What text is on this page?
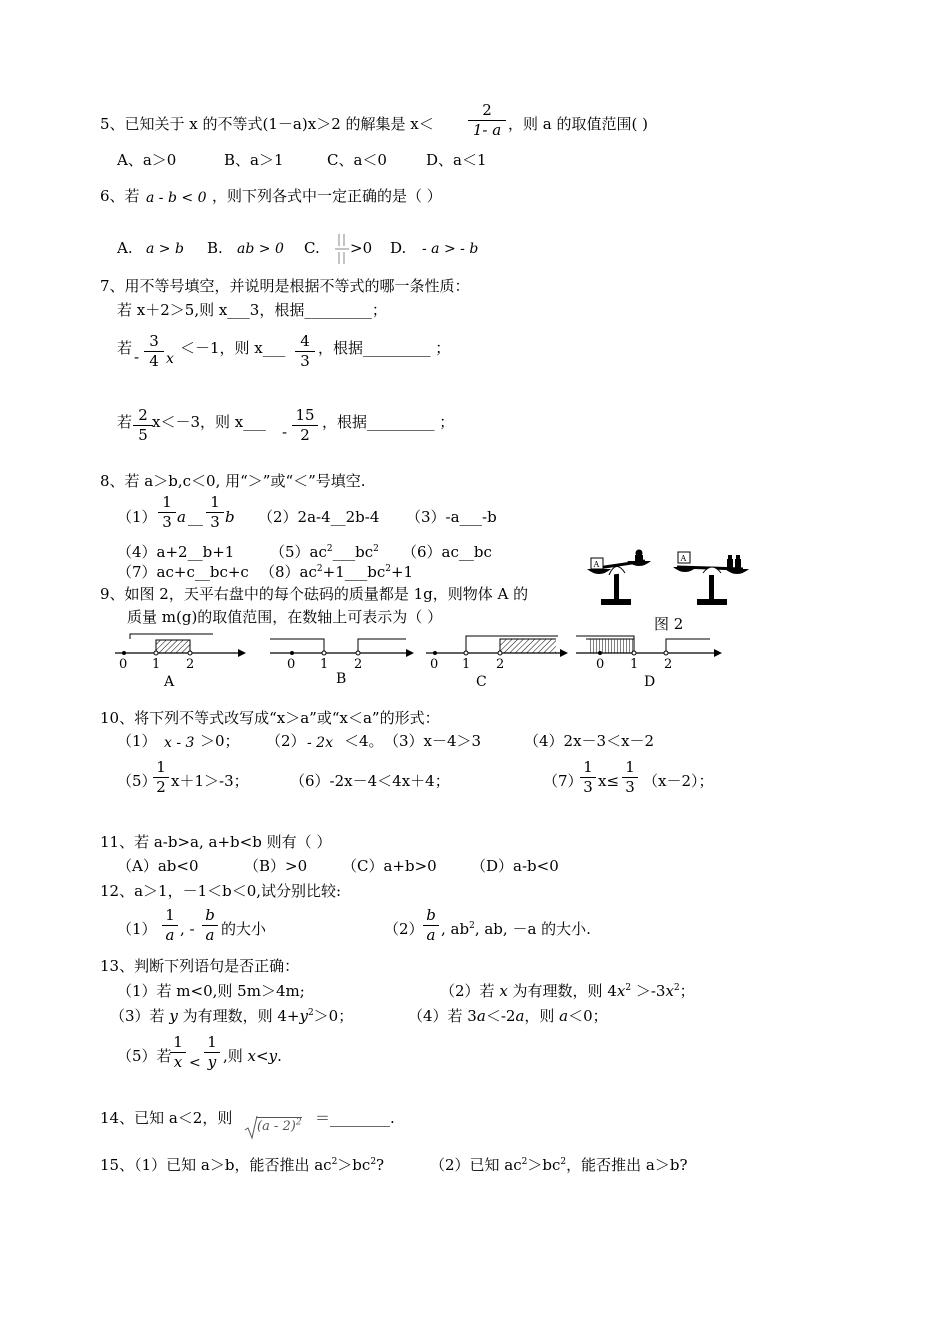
5、已知关于 x 的不等式(1－a)x＞2 的解集是 x＜
2
1- a ，则 a 的取值范围( )
A、a＞0	B、a＞1	C、a＜0	D、a＜1
6、若 a - b < 0 ，则下列各式中一定正确的是（ ）
A. a > b B. ab > 0 C. >0 D. - a > - b
7、用不等号填空，并说明是根据不等式的哪一条性质：
若 x＋2＞5,则 x___3，根据_________；
若 -
3
4 x
＜－1，则 x___ 4
3
，根据_________ ；
若 2
5
x＜－3，则 x___
-
15
2
，根据_________ ；
8、若 a＞b,c＜0, 用“＞”或“＜”号填空.
（1）
1
3 a __
1
3 b （2）2a-4__2b-4 （3）-a___-b
（4）a+2__b+1 $(5)ac^2\_\_\_bc^2$ （6）ac__bc
（7）ac+c__bc+c $(8)ac^2+1\_\_\_bc^2+1$
9、如图 2，天平右盘中的每个砝码的质量都是 1g，则物体 A 的
质量 m(g)的取值范围，在数轴上可表示为（ ）
A
A
图 2
0 1 2
A
0 1 2
B
0 1 2
C
0 1 2
D
10、将下列不等式改写成“x＞a”或“x＜a”的形式：
（1） x - 3 ＞0； （2） - 2x ＜4。 （3）x－4＞3	（4）2x－3＜x－2
（5）
1
2 x＋1＞-3；	（6）-2x－4＜4x＋4；	（7）
1
3 x≤
1
3 （x－2）；
11、若 a-b>a, a+b<b 则有（ ）
（A）ab<0	（B）>0 （C）a+b>0 （D）a-b<0
12、a＞1，－1＜b＜0,试分别比较:
（1）
1
a , -
b
a 的大小	（2）
b
a , $ab^2$, ab, －a 的大小.
13、判断下列语句是否正确：
（1）若 m<0,则 5m＞4m;	（2）若 x 为有理数，则 $4x^2 >-3x^2$；
（3）若 y 为有理数，则 $4+y^2>0$；	（4）若 3a＜-2a，则 a＜0；
（5）若
1
x <
1
y ,则 x<y.
14、已知 a＜2，则 (a - 2)$^2$ ＝________.
15、（1）已知 a＞b，能否推出 $ac^2>bc^2$?	（2）已知 $ac^2>bc^2$，能否推出 a＞b?
